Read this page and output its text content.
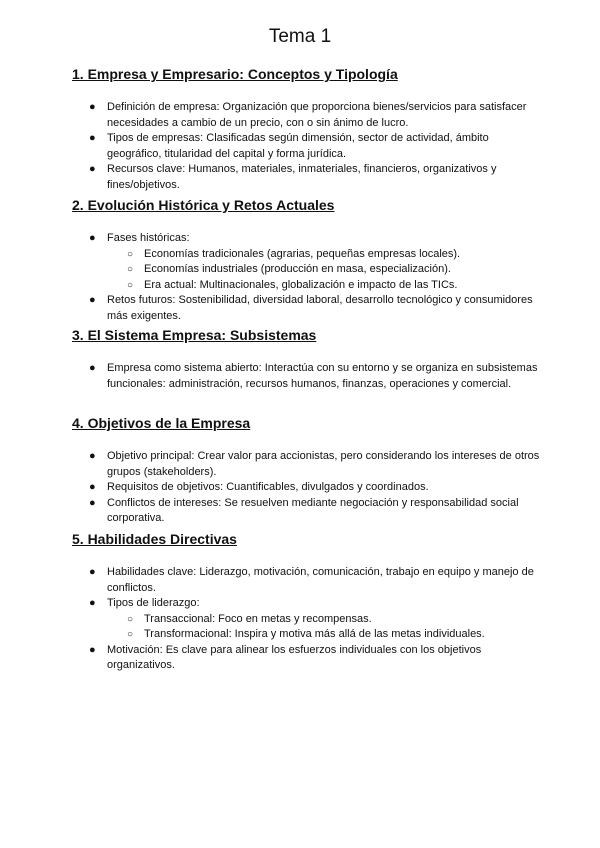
Tema 1
1. Empresa y Empresario: Conceptos y Tipología
● Definición de empresa: Organización que proporciona bienes/servicios para satisfacer necesidades a cambio de un precio, con o sin ánimo de lucro.
● Tipos de empresas: Clasificadas según dimensión, sector de actividad, ámbito geográfico, titularidad del capital y forma jurídica.
● Recursos clave: Humanos, materiales, inmateriales, financieros, organizativos y fines/objetivos.
2. Evolución Histórica y Retos Actuales
● Fases históricas:
○ Economías tradicionales (agrarias, pequeñas empresas locales).
○ Economías industriales (producción en masa, especialización).
○ Era actual: Multinacionales, globalización e impacto de las TICs.
● Retos futuros: Sostenibilidad, diversidad laboral, desarrollo tecnológico y consumidores más exigentes.
3. El Sistema Empresa: Subsistemas
● Empresa como sistema abierto: Interactúa con su entorno y se organiza en subsistemas funcionales: administración, recursos humanos, finanzas, operaciones y comercial.
4. Objetivos de la Empresa
● Objetivo principal: Crear valor para accionistas, pero considerando los intereses de otros grupos (stakeholders).
● Requisitos de objetivos: Cuantificables, divulgados y coordinados.
● Conflictos de intereses: Se resuelven mediante negociación y responsabilidad social corporativa.
5. Habilidades Directivas
● Habilidades clave: Liderazgo, motivación, comunicación, trabajo en equipo y manejo de conflictos.
● Tipos de liderazgo:
○ Transaccional: Foco en metas y recompensas.
○ Transformacional: Inspira y motiva más allá de las metas individuales.
● Motivación: Es clave para alinear los esfuerzos individuales con los objetivos organizativos.
